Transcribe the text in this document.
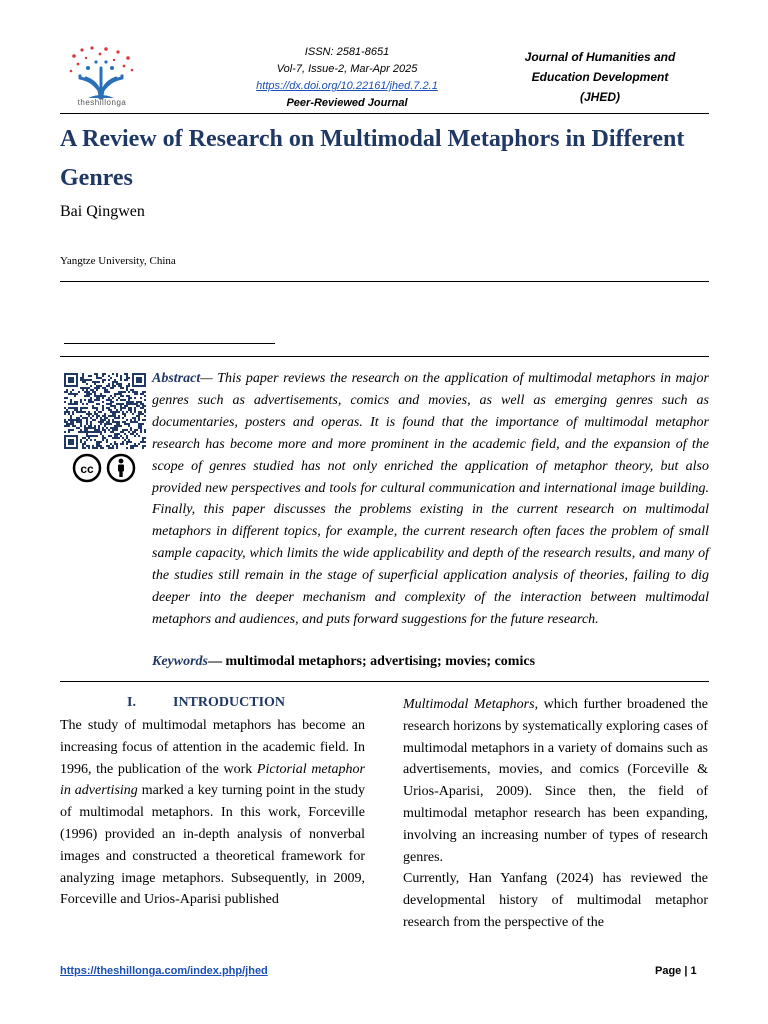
theshillonga
ISSN: 2581-8651
Vol-7, Issue-2, Mar-Apr 2025
https://dx.doi.org/10.22161/jhed.7.2.1
Peer-Reviewed Journal
Journal of Humanities and
Education Development
(JHED)
A Review of Research on Multimodal Metaphors in Different Genres
Bai Qingwen
Yangtze University, China
cc
Abstract— This paper reviews the research on the application of multimodal metaphors in major genres such as advertisements, comics and movies, as well as emerging genres such as documentaries, posters and operas. It is found that the importance of multimodal metaphor research has become more and more prominent in the academic field, and the expansion of the scope of genres studied has not only enriched the application of metaphor theory, but also provided new perspectives and tools for cultural communication and international image building. Finally, this paper discusses the problems existing in the current research on multimodal metaphors in different topics, for example, the current research often faces the problem of small sample capacity, which limits the wide applicability and depth of the research results, and many of the studies still remain in the stage of superficial application analysis of theories, failing to dig deeper into the deeper mechanism and complexity of the interaction between multimodal metaphors and audiences, and puts forward suggestions for the future research.
Keywords— multimodal metaphors; advertising; movies; comics
I.	INTRODUCTION

The study of multimodal metaphors has become an increasing focus of attention in the academic field. In 1996, the publication of the work Pictorial metaphor in advertising marked a key turning point in the study of multimodal metaphors. In this work, Forceville (1996) provided an in-depth analysis of nonverbal images and constructed a theoretical framework for analyzing image metaphors. Subsequently, in 2009, Forceville and Urios-Aparisi published

Multimodal Metaphors, which further broadened the research horizons by systematically exploring cases of multimodal metaphors in a variety of domains such as advertisements, movies, and comics (Forceville & Urios-Aparisi, 2009). Since then, the field of multimodal metaphor research has been expanding, involving an increasing number of types of research genres.

Currently, Han Yanfang (2024) has reviewed the developmental history of multimodal metaphor research from the perspective of the

https://theshillonga.com/index.php/jhed	Page | 1
